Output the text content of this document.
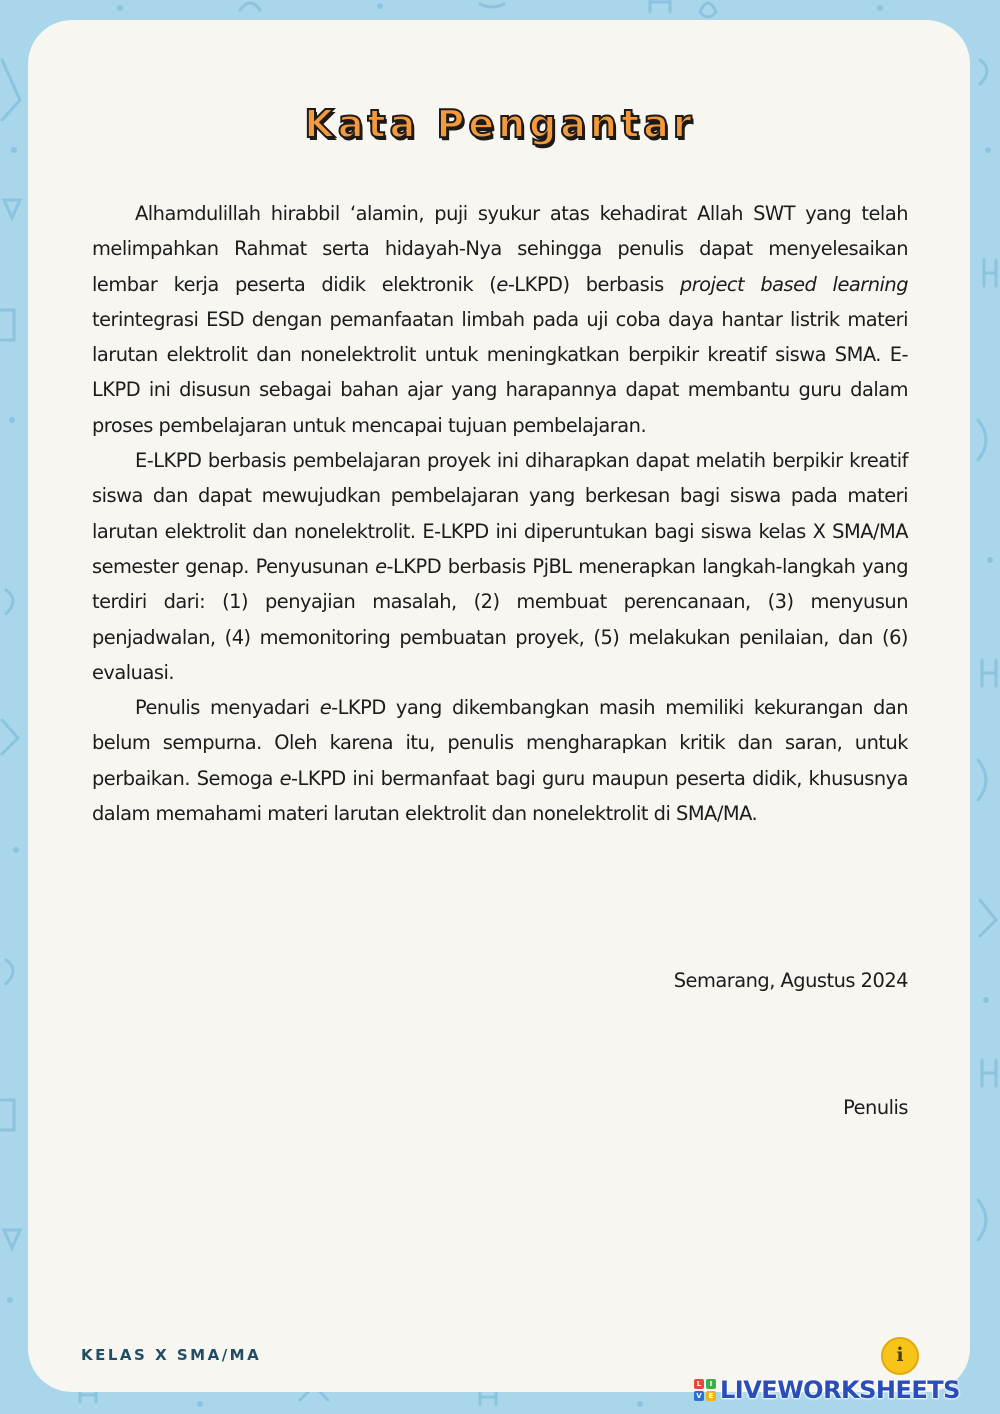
Kata Pengantar

Alhamdulillah hirabbil ‘alamin, puji syukur atas kehadirat Allah SWT yang telah melimpahkan Rahmat serta hidayah-Nya sehingga penulis dapat menyelesaikan lembar kerja peserta didik elektronik (e-LKPD) berbasis project based learning terintegrasi ESD dengan pemanfaatan limbah pada uji coba daya hantar listrik materi larutan elektrolit dan nonelektrolit untuk meningkatkan berpikir kreatif siswa SMA. E-LKPD ini disusun sebagai bahan ajar yang harapannya dapat membantu guru dalam proses pembelajaran untuk mencapai tujuan pembelajaran.

E-LKPD berbasis pembelajaran proyek ini diharapkan dapat melatih berpikir kreatif siswa dan dapat mewujudkan pembelajaran yang berkesan bagi siswa pada materi larutan elektrolit dan nonelektrolit. E-LKPD ini diperuntukan bagi siswa kelas X SMA/MA semester genap. Penyusunan e-LKPD berbasis PjBL menerapkan langkah-langkah yang terdiri dari: (1) penyajian masalah, (2) membuat perencanaan, (3) menyusun penjadwalan, (4) memonitoring pembuatan proyek, (5) melakukan penilaian, dan (6) evaluasi.

Penulis menyadari e-LKPD yang dikembangkan masih memiliki kekurangan dan belum sempurna. Oleh karena itu, penulis mengharapkan kritik dan saran, untuk perbaikan. Semoga e-LKPD ini bermanfaat bagi guru maupun peserta didik, khususnya dalam memahami materi larutan elektrolit dan nonelektrolit di SMA/MA.

Semarang, Agustus 2024
Penulis
KELAS X SMA/MA	i
L	I
V E LIVEWORKSHEETS
